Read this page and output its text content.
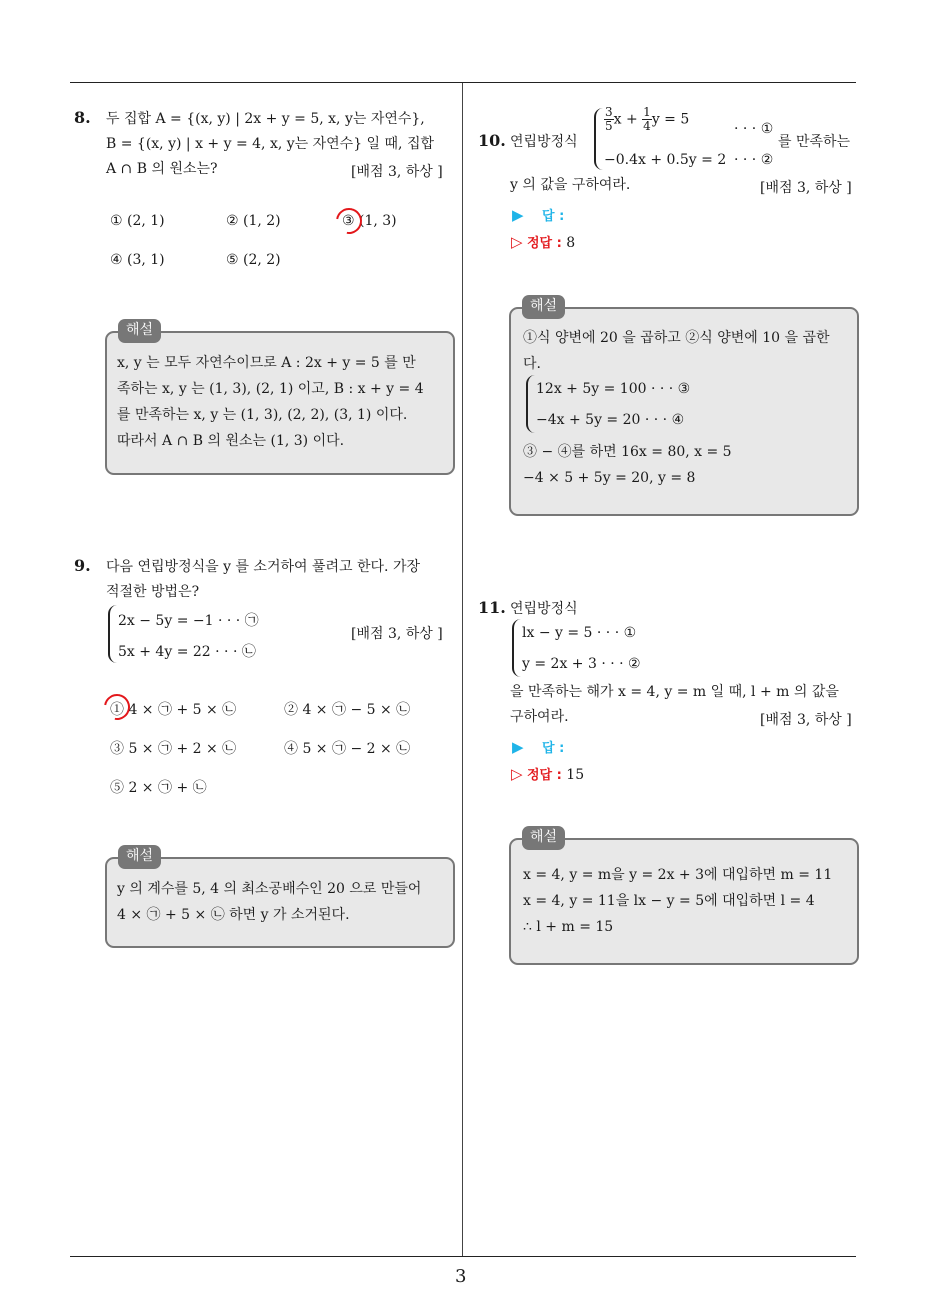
8. 두 집합 A = {(x, y) | 2x + y = 5, x, y는 자연수},
B = {(x, y) | x + y = 4, x, y는 자연수} 일 때, 집합
A ∩ B 의 원소는?	[배점 3, 하상 ]
① (2, 1)	② (1, 2)	③ (1, 3)
④ (3, 1)	⑤ (2, 2)
해설
x, y 는 모두 자연수이므로 A : 2x + y = 5 를 만
족하는 x, y 는 (1, 3), (2, 1) 이고, B : x + y = 4
를 만족하는 x, y 는 (1, 3), (2, 2), (3, 1) 이다.
따라서 A ∩ B 의 원소는 (1, 3) 이다.
9. 다음 연립방정식을 y 를 소거하여 풀려고 한다. 가장
적절한 방법은?
2x − 5y = −1 · · · ㉠
5x + 4y = 22 · · · ㉡
[배점 3, 하상 ]
① 4 × ㉠ + 5 × ㉡	② 4 × ㉠ − 5 × ㉡
③ 5 × ㉠ + 2 × ㉡	④ 5 × ㉠ − 2 × ㉡
⑤ 2 × ㉠ + ㉡
해설
y 의 계수를 5, 4 의 최소공배수인 20 으로 만들어
4 × ㉠ + 5 × ㉡ 하면 y 가 소거된다.
10. 연립방정식
$\frac{3}{5}$ $x + \frac{1}{4}$ y = 5
· · · ①
−0.4x + 0.5y = 2 · · · ②
를 만족하는
y 의 값을 구하여라.	[배점 3, 하상 ]
▶ 답 :
▷ 정답 : 8
해설
①식 양변에 20 을 곱하고 ②식 양변에 10 을 곱한
다.
12x + 5y = 100 · · · ③
−4x + 5y = 20 · · · ④
③ − ④를 하면 16x = 80, x = 5
−4 × 5 + 5y = 20, y = 8
11. 연립방정식
lx − y = 5 · · · ①
y = 2x + 3 · · · ②
을 만족하는 해가 x = 4, y = m 일 때, l + m 의 값을
구하여라.	[배점 3, 하상 ]
▶ 답 :
▷ 정답 : 15
해설
x = 4, y = m을 y = 2x + 3에 대입하면 m = 11
x = 4, y = 11을 lx − y = 5에 대입하면 l = 4
∴ l + m = 15
3
